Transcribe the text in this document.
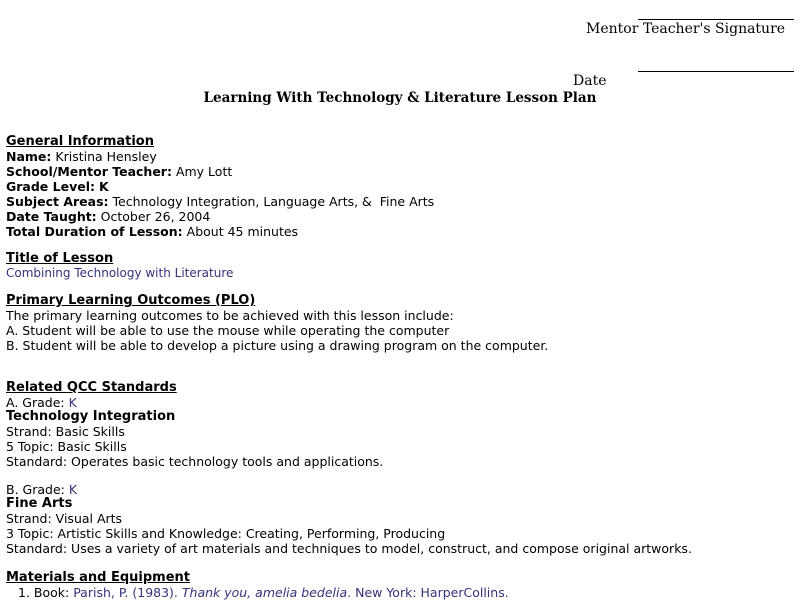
Mentor Teacher's Signature
Date
Learning With Technology & Literature Lesson Plan
General Information
Name: Kristina Hensley
School/Mentor Teacher: Amy Lott
Grade Level: K
Subject Areas: Technology Integration, Language Arts, &  Fine Arts
Date Taught: October 26, 2004
Total Duration of Lesson: About 45 minutes
Title of Lesson
Combining Technology with Literature
Primary Learning Outcomes (PLO)
The primary learning outcomes to be achieved with this lesson include:
A. Student will be able to use the mouse while operating the computer
B. Student will be able to develop a picture using a drawing program on the computer.
Related QCC Standards
A. Grade: K
Technology Integration
Strand: Basic Skills
5 Topic: Basic Skills
Standard: Operates basic technology tools and applications.
B. Grade: K
Fine Arts
Strand: Visual Arts
3 Topic: Artistic Skills and Knowledge: Creating, Performing, Producing
Standard: Uses a variety of art materials and techniques to model, construct, and compose original artworks.
Materials and Equipment
1. Book: Parish, P. (1983). Thank you, amelia bedelia. New York: HarperCollins.
